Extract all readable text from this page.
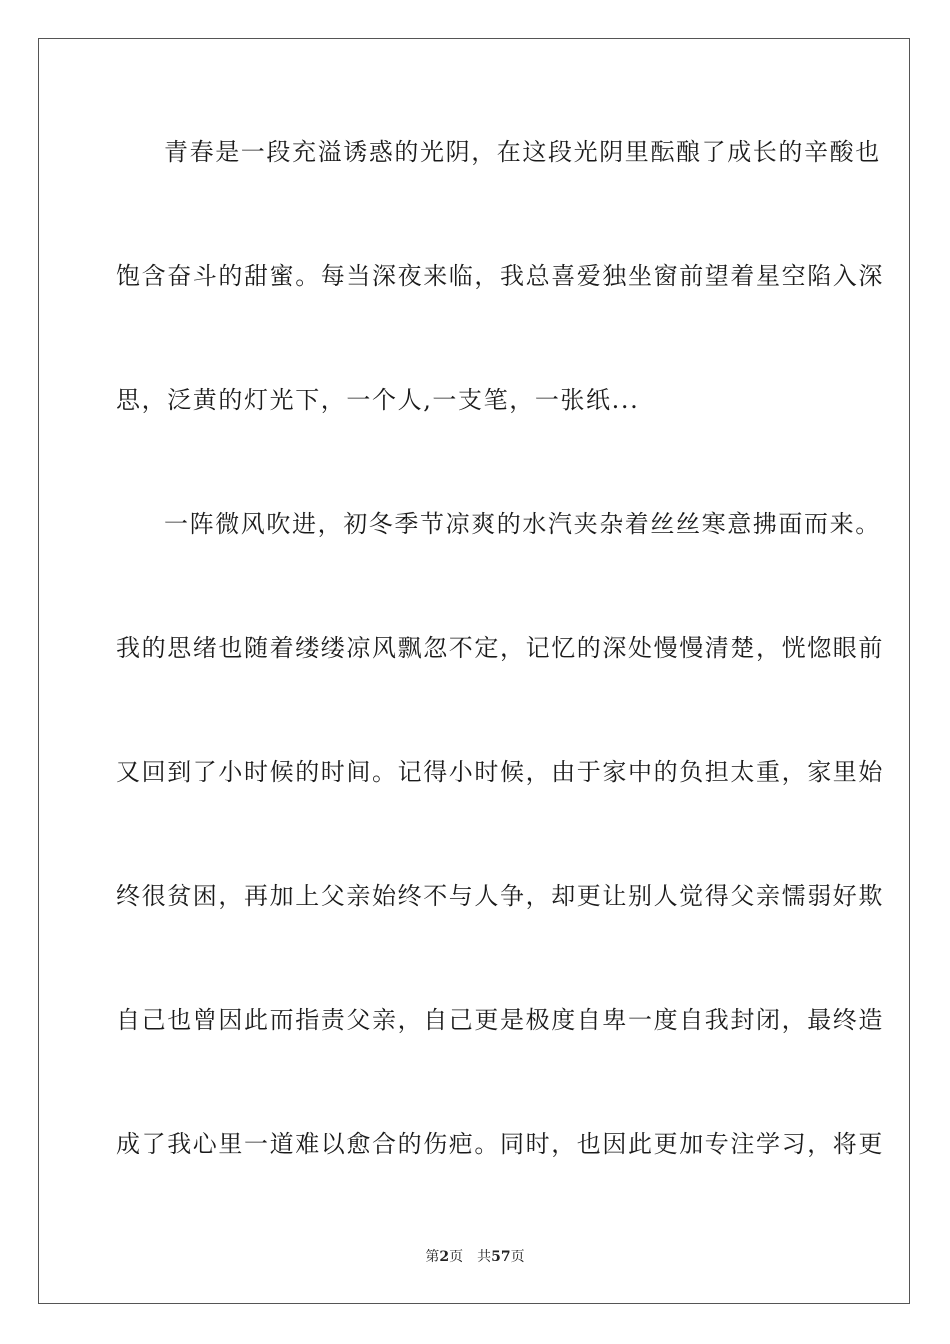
青春是一段充溢诱惑的光阴，在这段光阴里酝酿了成长的辛酸也
饱含奋斗的甜蜜。每当深夜来临，我总喜爱独坐窗前望着星空陷入深
思，泛黄的灯光下，一个人,一支笔，一张纸...
一阵微风吹进，初冬季节凉爽的水汽夹杂着丝丝寒意拂面而来。
我的思绪也随着缕缕凉风飘忽不定，记忆的深处慢慢清楚，恍惚眼前
又回到了小时候的时间。记得小时候，由于家中的负担太重，家里始
终很贫困，再加上父亲始终不与人争，却更让别人觉得父亲懦弱好欺
自己也曾因此而指责父亲，自己更是极度自卑一度自我封闭，最终造
成了我心里一道难以愈合的伤疤。同时，也因此更加专注学习，将更
第2页 共57页
